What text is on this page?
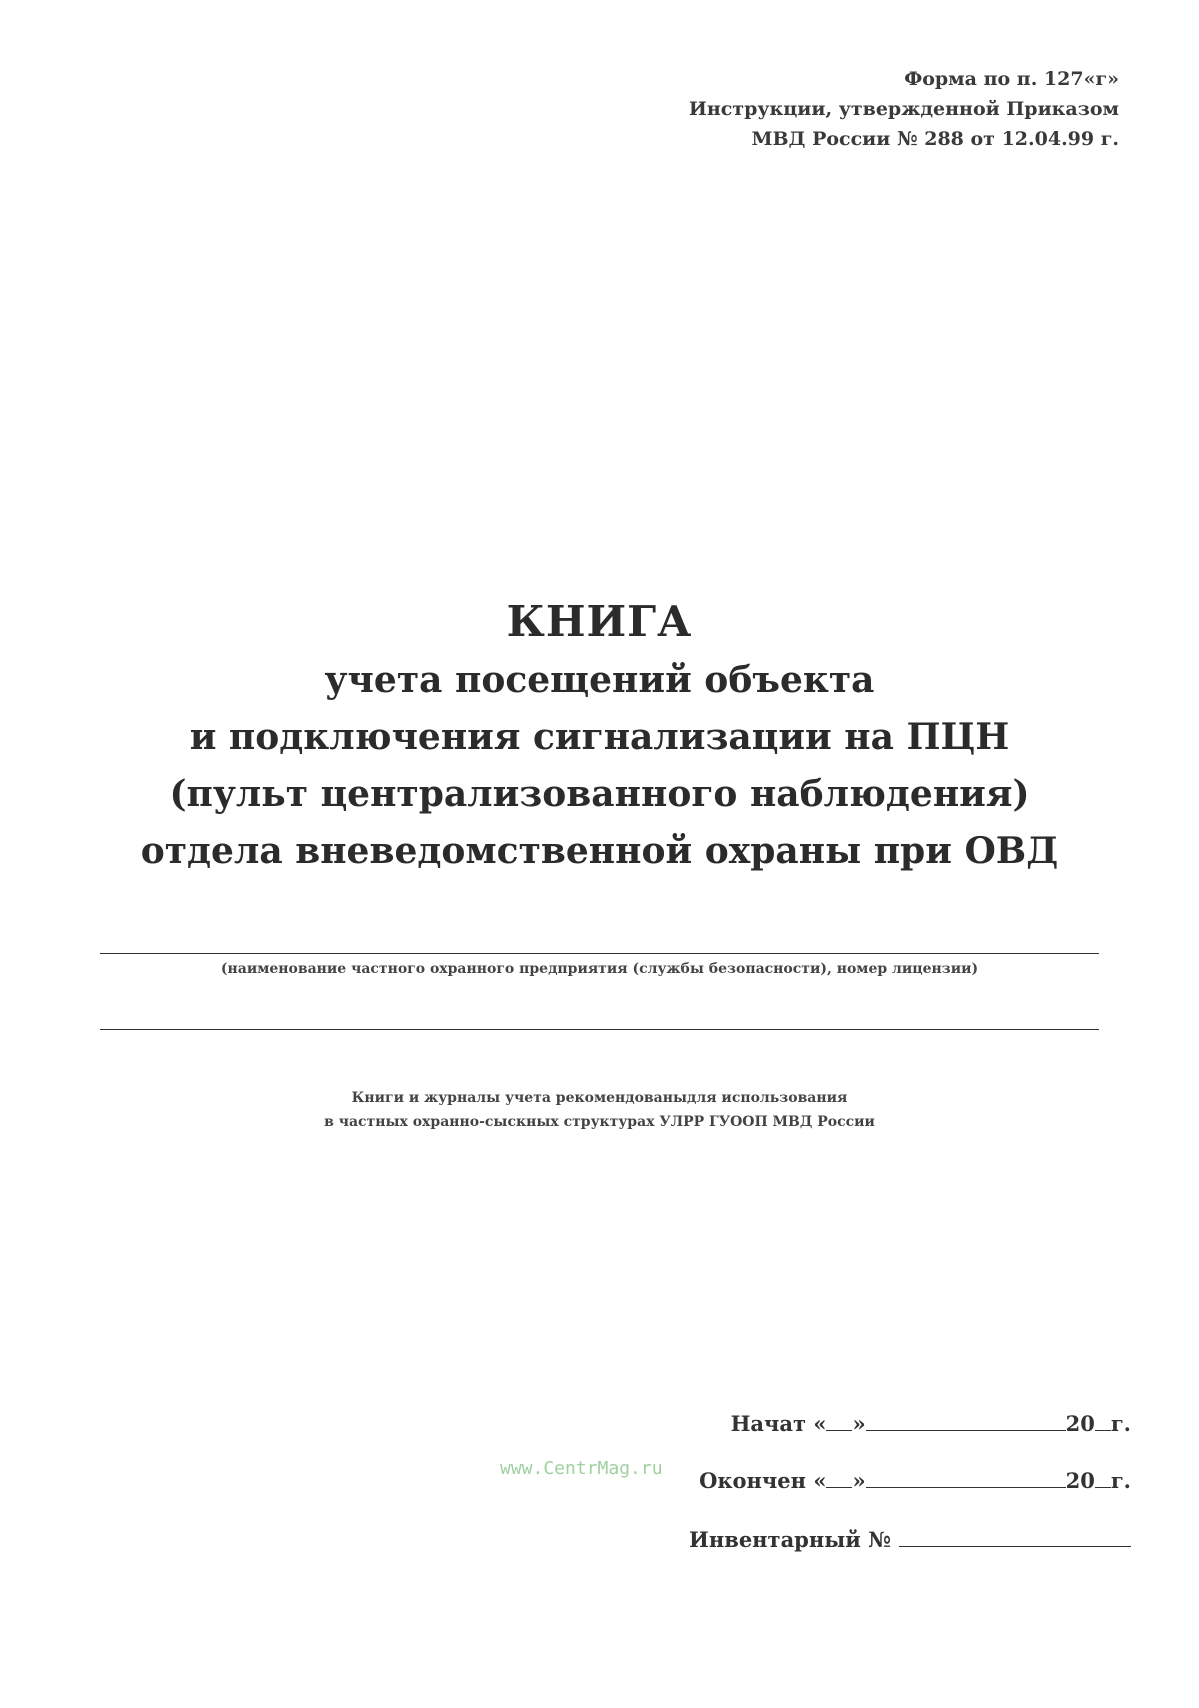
Форма по п. 127«г»
Инструкции, утвержденной Приказом
МВД России № 288 от 12.04.99 г.
КНИГА
учета посещений объекта
и подключения сигнализации на ПЦН
(пульт централизованного наблюдения)
отдела вневедомственной охраны при ОВД
(наименование частного охранного предприятия (службы безопасности), номер лицензии)
Книги и журналы учета рекомендованыдля использования
в частных охранно-сыскных структурах УЛРР ГУООП МВД России
www.CentrMag.ru
Начат
« »	20 г.
Окончен
« »	20 г.
Инвентарный №
